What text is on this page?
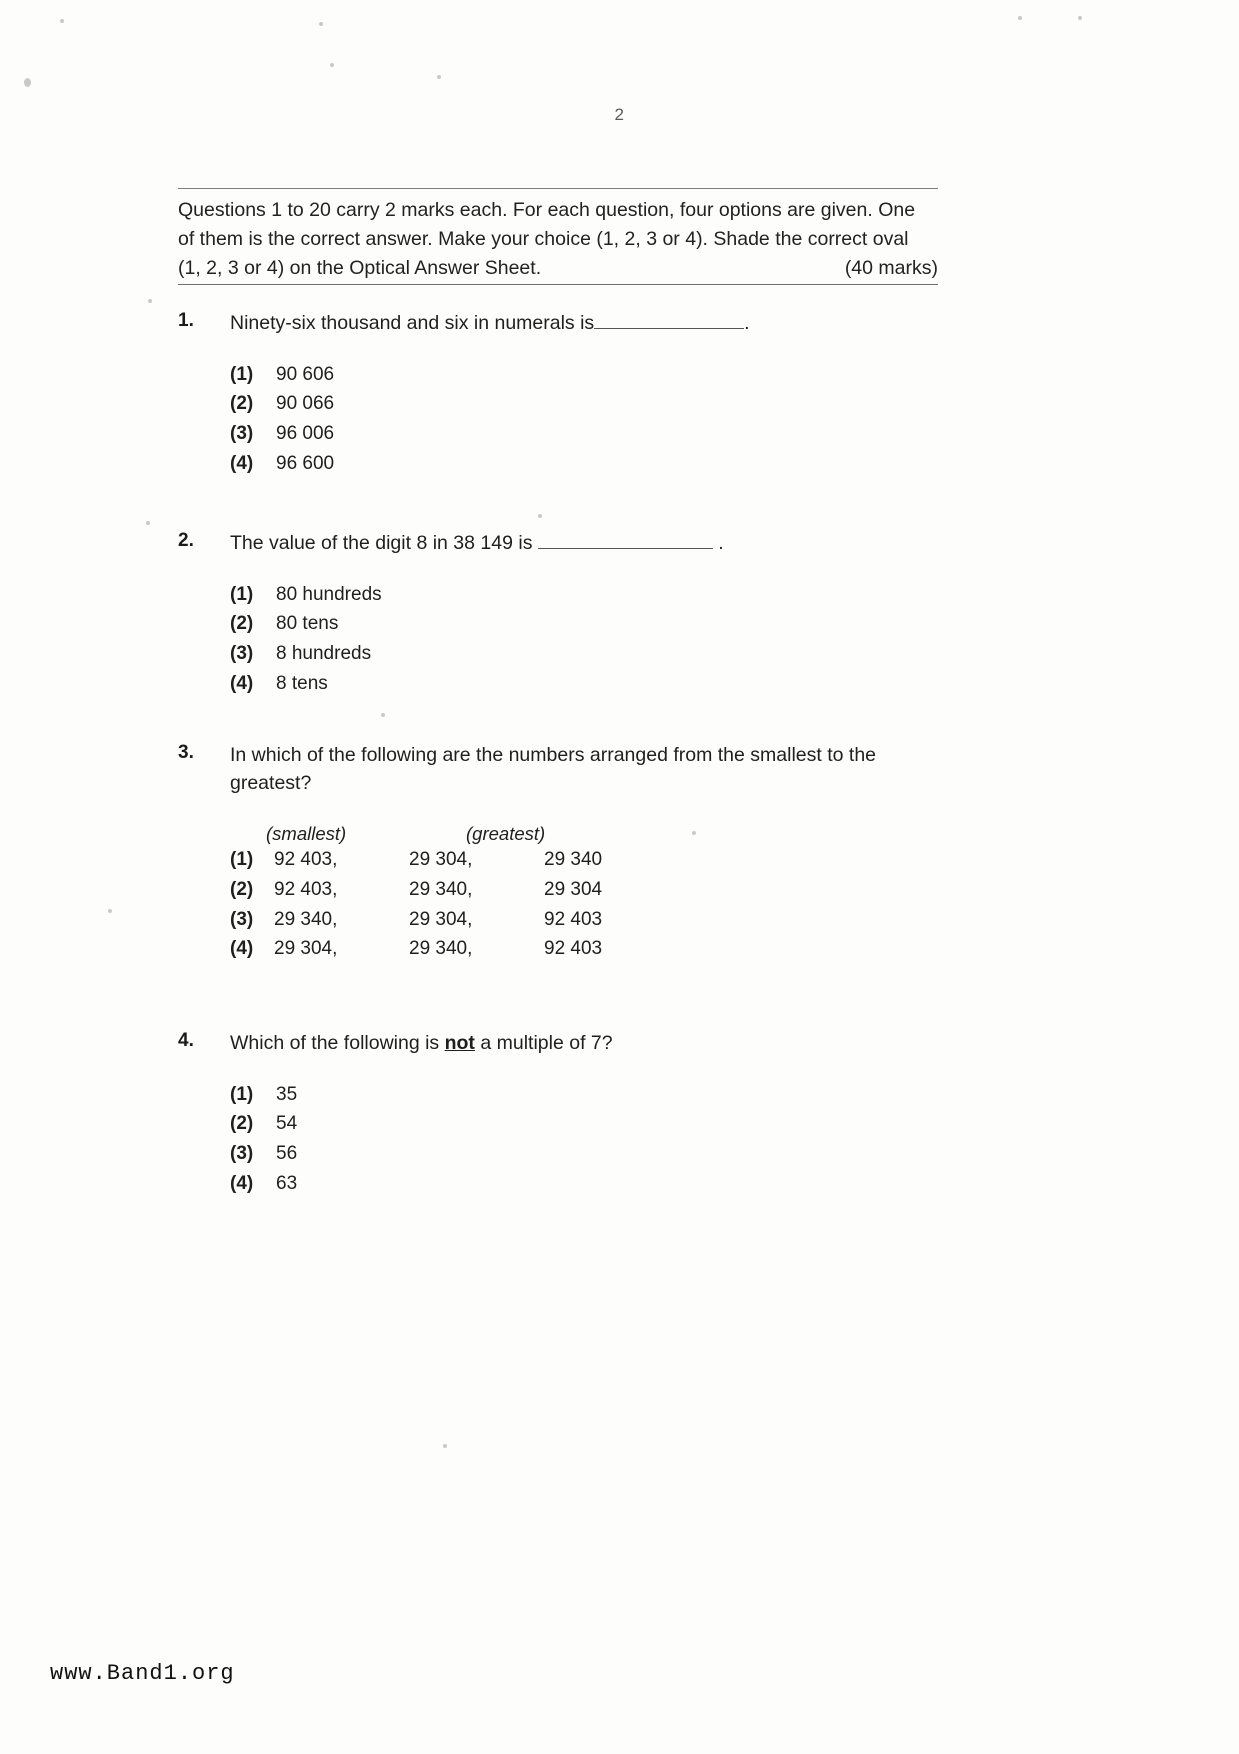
2
Questions 1 to 20 carry 2 marks each. For each question, four options are given. One
of them is the correct answer. Make your choice (1, 2, 3 or 4). Shade the correct oval
(1, 2, 3 or 4) on the Optical Answer Sheet.	(40 marks)
1.	Ninety-six thousand and six in numerals is	.
(1) 90 606
(2) 90 066
(3) 96 006
(4) 96 600
2.	The value of the digit 8 in 38 149 is	.
(1) 80 hundreds
(2) 80 tens
(3) 8 hundreds
(4) 8 tens
3.	In which of the following are the numbers arranged from the smallest to the
greatest?
(smallest)	(greatest)
(1) 92 403,	29 304,	29 340
(2) 92 403,	29 340,	29 304
(3) 29 340,	29 304,	92 403
(4) 29 304,	29 340,	92 403
4.	Which of the following is not a multiple of 7?
(1) 35
(2) 54
(3) 56
(4) 63
www.Band1.org
